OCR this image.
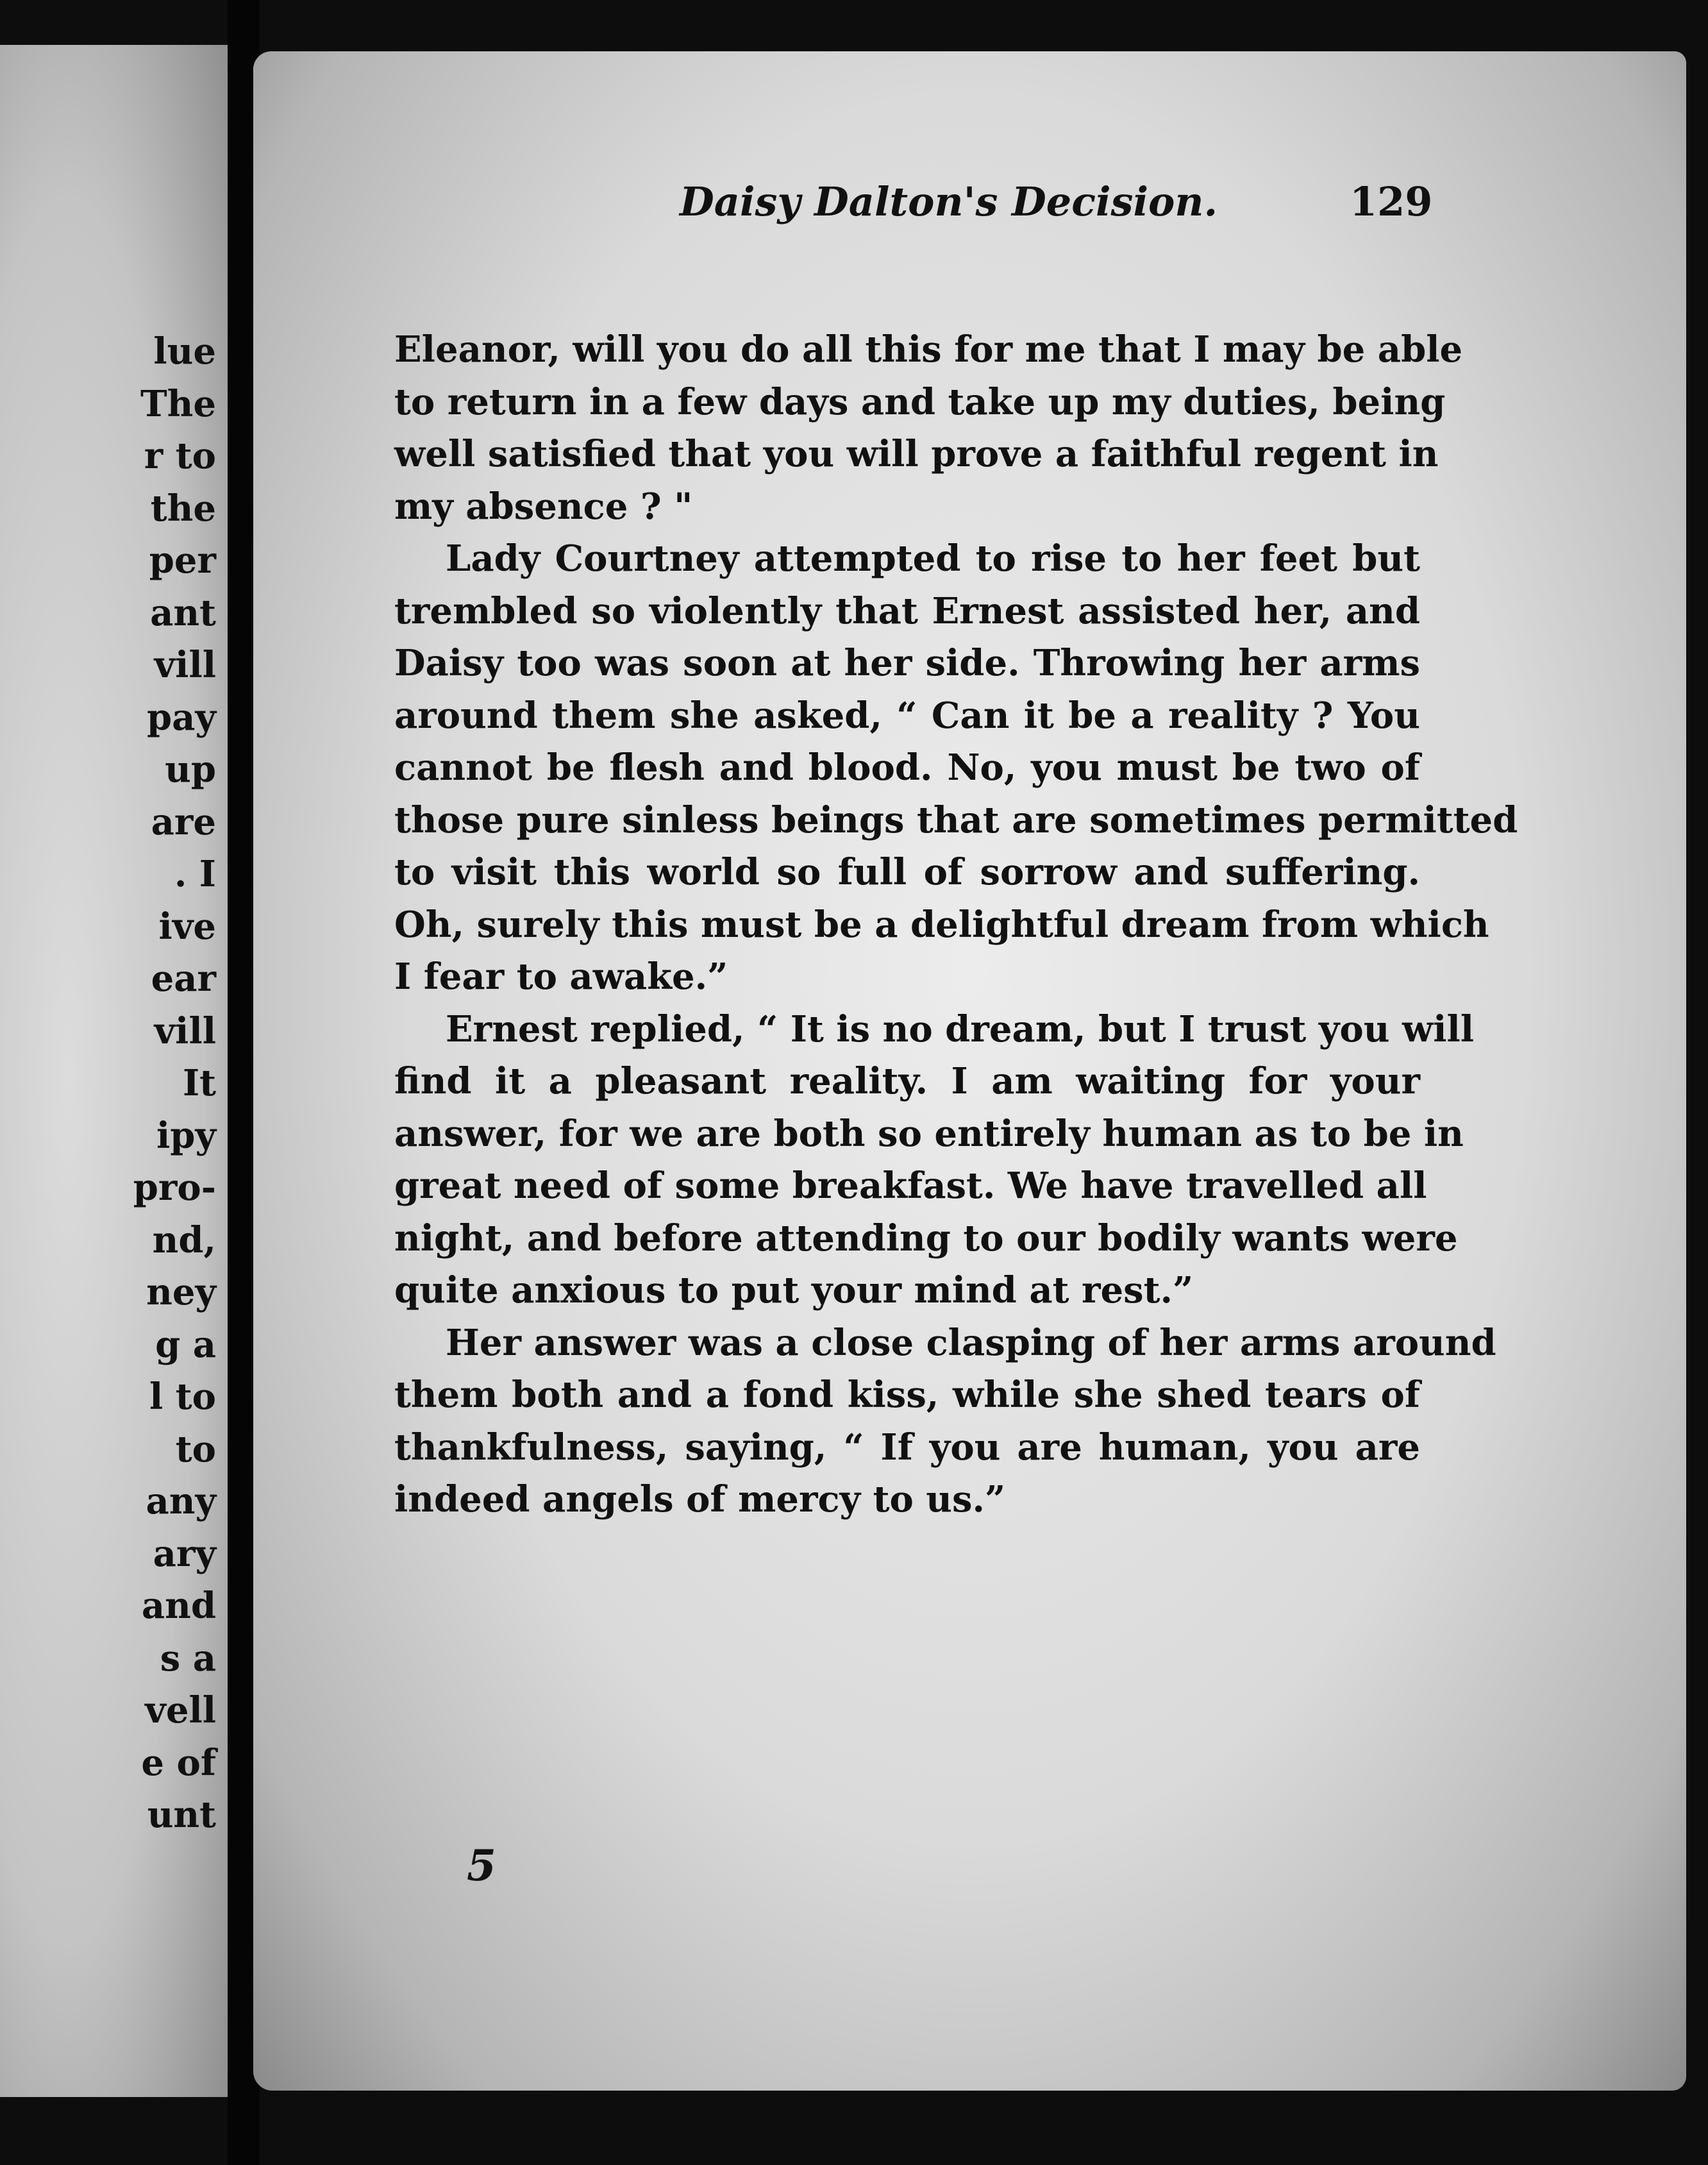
lue
The
r to
the
per
ant
vill
pay
up
are
. I
ive
ear
vill
It
ipy
pro-
nd,
ney
g a
l to
to
any
ary
and
s a
vell
e of
unt
Daisy Dalton's Decision.	129
Eleanor, will you do all this for me that I may be able
to return in a few days and take up my duties, being
well satisfied that you will prove a faithful regent in
my absence ? "
Lady Courtney attempted to rise to her feet but
trembled so violently that Ernest assisted her, and
Daisy too was soon at her side. Throwing her arms
around them she asked, “ Can it be a reality ? You
cannot be flesh and blood. No, you must be two of
those pure sinless beings that are sometimes permitted
to visit this world so full of sorrow and suffering.
Oh, surely this must be a delightful dream from which
I fear to awake.”
Ernest replied, “ It is no dream, but I trust you will
find it a pleasant reality. I am waiting for your
answer, for we are both so entirely human as to be in
great need of some breakfast. We have travelled all
night, and before attending to our bodily wants were
quite anxious to put your mind at rest.”
Her answer was a close clasping of her arms around
them both and a fond kiss, while she shed tears of
thankfulness, saying, “ If you are human, you are
indeed angels of mercy to us.”
5
